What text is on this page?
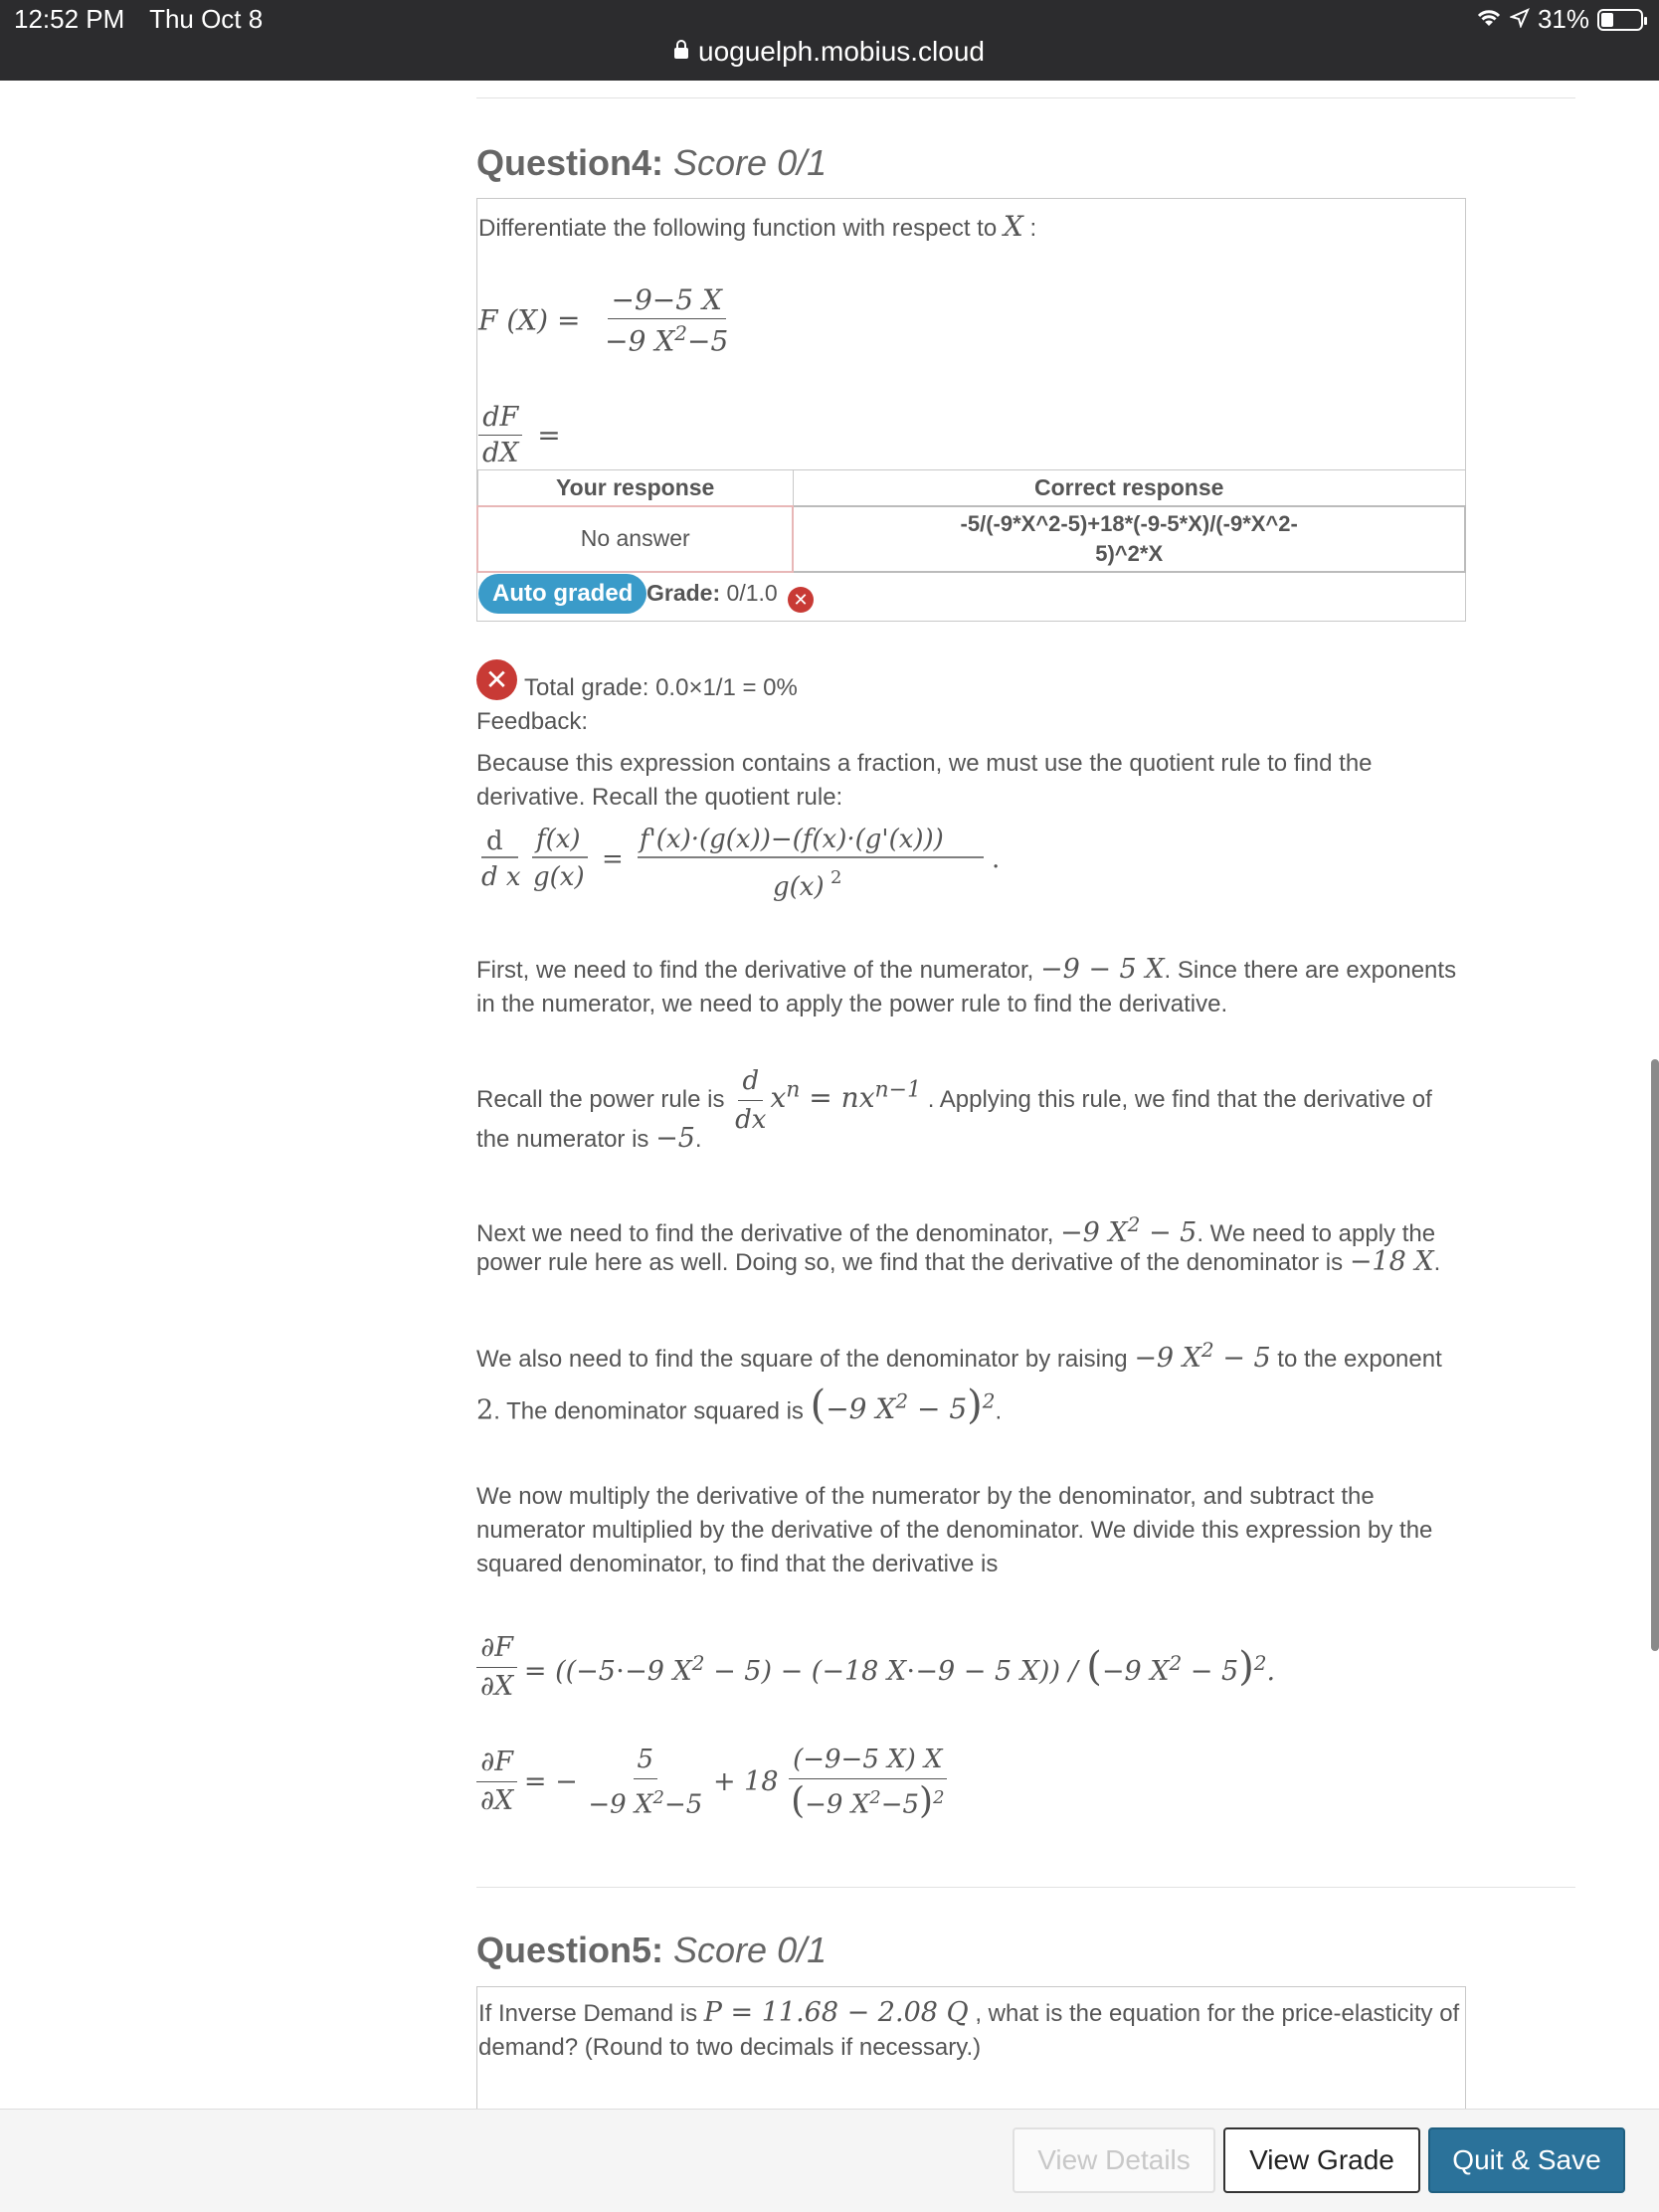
12:52 PM Thu Oct 8	31%
uoguelph.mobius.cloud
Question4: Score 0/1
Differentiate the following function with respect to X :
F $(X) = \frac{-9-5 X}{-9 X^2-5}$
$\frac{dF}{dX}$ =
Your response	Correct response
No answer	-5/(-9*X^2-5)+18*(-9-5*X)/(-9*X^2-
5)^2*X
Auto graded Grade: 0/1.0 ✕
✕ Total grade: 0.0×1/1 = 0%
Feedback:
Because this expression contains a fraction, we must use the quotient rule to find the derivative. Recall the quotient rule:
d
d x
f(x)
g(x)
=
f'(x)·(g(x))−(f(x)·(g'(x)))
g(x) 2
.
First, we need to find the derivative of the numerator, −9 − 5 X. Since there are exponents in the numerator, we need to apply the power rule to find the derivative.
Recall the power rule is $\frac{d}{dx} x^n = nx^{n-1}$ . Applying this rule, we find that the derivative of
the numerator is −5.
Next we need to find the derivative of the denominator, −9 $X^2 - 5$. We need to apply the
power rule here as well. Doing so, we find that the derivative of the denominator is −18 X.
We also need to find the square of the denominator by raising −9 $X^2 - 5$ to the exponent
2. The denominator squared is (−9 $X^2 - 5)^2$.
We now multiply the derivative of the numerator by the denominator, and subtract the numerator multiplied by the derivative of the denominator. We divide this expression by the squared denominator, to find that the derivative is
$\frac{\partial F}{\partial X} = ((-5\cdot-9$ $X^2 - 5) - (-18$ X⋅−9 − 5 X)) / (−9 $X^2 - 5)^2$.
$\frac{\partial F}{\partial X}$ = − $\frac{5}{-9 X^2-5} + 18 \frac{(-9-5 X) X}{(-9 X^2-5)^2}$
Question5: Score 0/1
If Inverse Demand is P = 11.68 − 2.08 Q , what is the equation for the price-elasticity of demand? (Round to two decimals if necessary.)
View Details	View Grade	Quit & Save
